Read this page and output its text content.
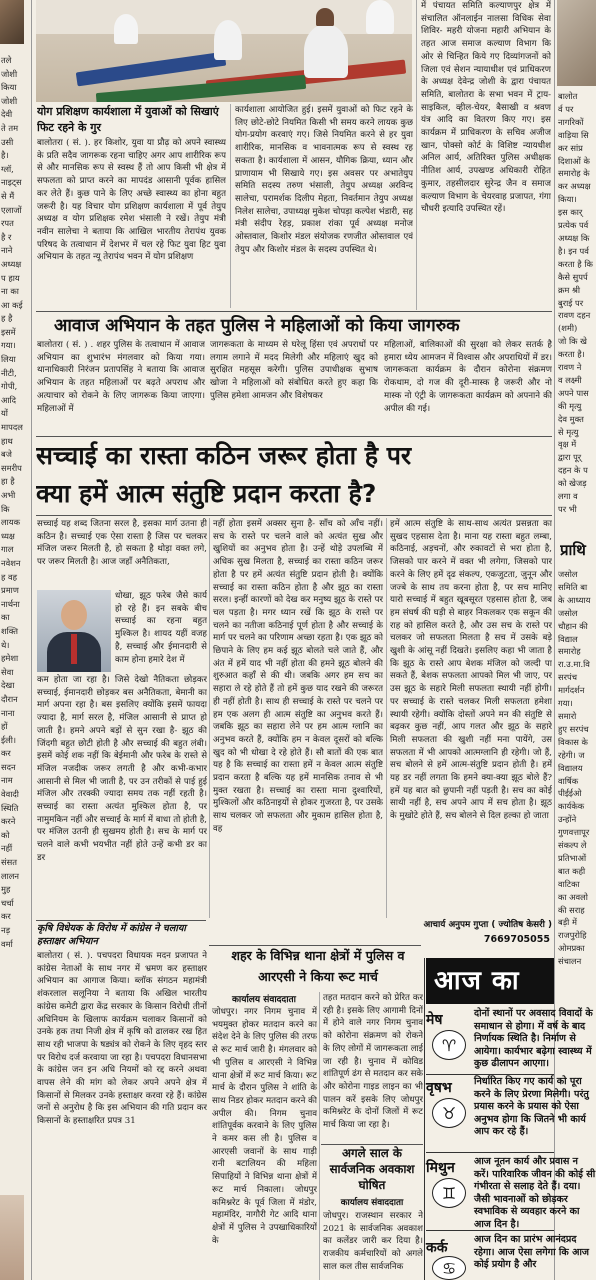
तले
जोशी
किया
जोशी
देवी
ते तम
उसी
है।
ग्लॉ,
नाइट्स
से मैं
एलाजों
रपत
है र
नाने
अध्यक्ष
प हाय
ना का
आ कई
ह है
इसमें
गया।
लिया
नीटी,
गोपी,
आदि
यों
मापदल
हाथ
बजे
समरीप
हा है
अभी
कि
लायक
ध्यक्ष
गाल
नवेशन
ह वह
प्रमाण
नार्थना
का
शक्ति
थे।
हमेशा
सेवा
देखा
दौरान
नाना
हों
ईली।
कर
सदन
नाम
वेवादी
स्थिति
करने
को
नहीं
संसत
लालन
मुह
चर्चा
कर
नड़
वर्मा
योग प्रशिक्षण कार्यशाला में युवाओं को सिखाएं फिट रहने के गुर
बालोतरा ( सं. ). हर किशोर, युवा या प्रौढ़ को अपने स्वास्थ्य के प्रति सदैव जागरूक रहना चाहिए अगर आप शारीरिक रूप से और मानसिक रूप से स्वस्थ हैं तो आप किसी भी क्षेत्र में सफलता को प्राप्त करने का मापदंड आसानी पूर्वक हासिल कर लेते हैं। कुछ पाने के लिए अच्छे स्वास्थ्य का होना बहुत जरूरी है। यह विचार योग प्रशिक्षण कार्यशाला में पूर्व तेयुप अध्यक्ष व योग प्रशिक्षक रमेश भंसाली ने रखें। तेयुप मंत्री नवीन सालेचा ने बताया कि आखिल भारतीय तेरापंथ युवक परिषद के तत्वाधान में देशभर में चल रहे फिट युवा हिट युवा अभियान के तहत न्यू तेरापंथ भवन में योग प्रशिक्षण
कार्यशाला आयोजित हुई। इसमें युवाओं को फिट रहने के लिए छोटे-छोटे नियमित किसी भी समय करने लायक कुछ योग-प्रयोग करवाएं गए। जिसे नियमित करने से हर युवा शारीरिक, मानसिक व भावनात्मक रूप से स्वस्थ रह सकता है। कार्यशाला में आसन, यौगिक क्रिया, ध्यान और प्राणायाम भी सिखाये गए। इस अवसर पर अभातेयुप समिति सदस्य तरुण भंसाली, तेयुप अध्यक्ष अरविन्द सालेचा, परामर्शक दिलीप मेहता, निवर्तमान तेयुप अध्यक्ष निलेश सालेचा, उपाध्यक्ष मुकेश चोपड़ा कल्पेश भंडारी, सह मंत्री संदीप रेहड़, प्रकाश रांका पूर्व अध्यक्ष मनोज ओस्तवाल, किशोर मंडल संयोजक रणजीत ओस्तवाल एवं तेयुप और किशोर मंडल के सदस्य उपस्थित थे।
में पंचायत समिति कल्याणपुर क्षेत्र में संचालित ऑनलाईन नालसा विधिक सेवा शिविर- महरी योजना महारी अभियान के तहत आज समाज कल्याण विभाग कि ओर से चिन्हित किये गए दिव्यांगजनों को जिला एवं सेशन न्यायाधीश एवं प्राधिकरण के अध्यक्ष देवेन्द्र जोशी के द्वारा पंचायत समिति, बालोतरा के सभा भवन में ट्राय-साइकिल, व्हील-चेयर, बैसाखी व श्रवण यंत्र आदि का वितरण किए गए। इस कार्यक्रम में प्राधिकरण के सचिव अजीज खान, पोक्सो कोर्ट के विशिष्ट न्यायधीश अनिल आर्य, अतिरिक्त पुलिस अधीक्षक नीतिश आर्य, उपखण्ड अधिकारी रोहित कुमार, तहसीलदार सुरेन्द्र जैन व समाज कल्याण विभाग के चेयरवाह प्रजापत, गंगा चौधरी इत्यादि उपस्थित रहें।
बालोत
र्व पर
नागरिकों
वाड़िया सि
कर सांप्र
दिशाओं के
समारोह के
कर अध्यक्ष
किया।
इस कार्
प्रत्येक पर्व
अध्यक्ष कि
है। इन पर्व
करता है कि
कैसे सुपर्प
क्रम श्री
बुराई पर
रावण दहन
(शमी)
जो कि खे
करता है।
रावण ने
व लक्ष्मी
अपने पास
की मृत्यु
देव मुक्त
से मृत्यु
वृक्ष में
द्वारा पूर्
दहन के प
को खेजड़
लगा व
पर भी
प्राथि
जसोल
समिति बा
के आध्याय
जसोल
चौहान की
विद्याल
समारोह
रा.उ.मा.वि
सरपंच
मार्गदर्शन
गया।
समारो
हुए सरपंच
विकास के
रहेगी। ज
विद्यालय
वार्षिक
पीईईओ
कार्यकेक
उन्होंने
गुणवत्तापूर
संकल्प ले
प्रतिभाओं
बात कही
वाटिका
का अवलो
की सराह
बड़ी में
राजपुरोहि
ओमप्रका
संचालन
आवाज अभियान के तहत पुलिस ने महिलाओं को किया जागरुक
बालोतरा ( सं. ) . शहर पुलिस के तत्वाधान में आवाज अभियान का शुभारंभ मंगलवार को किया गया। थानाधिकारी निरंजन प्रतापसिंह ने बताया कि आवाज अभियान के तहत महिलाओं पर बढ़ते अपराध और अत्याचार को रोकने के लिए जागरूक किया जाएगा। महिलाओं में
जागरूकता के माध्यम से घरेलू हिंसा एवं अपराधों पर लगाम लगाने में मदद मिलेगी और महिलाएं खुद को सुरक्षित महसूस करेगी। पुलिस उपाधीक्षक सुभाष खोजा ने महिलाओं को संबोधित करते हुए कहा कि पुलिस हमेशा आमजन और विशेषकर
महिलाओं, बालिकाओं की सुरक्षा को लेकर सतर्क है हमारा ध्येय आमजन में विश्वास और अपराधियों में डर। जागरूकता कार्यक्रम के दौरान कोरोना संक्रमण रोकथाम, दो गज की दूरी-मास्क है जरूरी और नो मास्क नो एंट्री के जागरूकता कार्यक्रम को अपनाने की अपील की गई।
सच्चाई का रास्ता कठिन जरूर होता है पर
क्या हमें आत्म संतुष्टि प्रदान करता है?
सच्चाई यह शब्द जितना सरल है, इसका मार्ग उतना ही कठिन है। सच्चाई एक ऐसा रास्ता है जिस पर चलकर मंजिल जरूर मिलती है, हो सकता है थोड़ा वक्त लगे, पर जरूर मिलती है। आज जहाँ अनैतिकता,
धोखा, झूठ फरेब जैसे कार्य हो रहे हैं। इन सबके बीच सच्चाई का रहना बहुत मुश्किल है। शायद यहीं वजह है, सच्चाई और ईमानदारी से काम होना हमारे देश में
कम होता जा रहा है। जिसे देखो नैतिकता छोड़कर सच्चाई, ईमानदारी छोड़कर बस अनैतिकता, बेमानी का मार्ग अपना रहा है। बस इसलिए क्योंकि इसमें फायदा ज्यादा है, मार्ग सरल है, मंजिल आसानी से प्राप्त हो जाती है। हमने अपने बड़ों से सुन रखा है- झूठ की जिंदगी बहुत छोटी होती है और सच्चाई की बहुत लंबी। इसमें कोई शक नहीं कि बेईमानी और फरेब के रास्ते से मंजिल नजदीक जरूर लगती है और कभी-कभार आसानी से मिल भी जाती है, पर उन तरीकों से पाई हुई मंजिल और तरक्की ज्यादा समय तक नहीं रहती है। सच्चाई का रास्ता अत्यंत मुश्किल होता है, पर नामुमकिन नहीं और सच्चाई के मार्ग में बाधा तो होती है, पर मंजिल उतनी ही सुखमय होती है। सच के मार्ग पर चलने वाले कभी भयभीत नहीं होते उन्हें कभी डर का डर
नहीं होता इसमें अक्सर सुना है- साँच को आँच नहीं। सच के रास्ते पर चलने वाले को अत्यंत सुख और खुशियों का अनुभव होता है। उन्हें थोड़े उपलब्धि में अधिक सुख मिलता है, सच्चाई का रास्ता कठिन जरूर होता है पर हमें अत्यंत संतुष्टि प्रदान होती है। क्योंकि सच्चाई का रास्ता कठिन होता है और झूठ का रास्ता सरल। इन्हीं कारणों को देख कर मनुष्य झूठ के रास्ते पर चल पड़ता है। मगर ध्यान रखें कि झूठ के रास्ते पर चलने का नतीजा कठिनाई पूर्ण होता है और सच्चाई के मार्ग पर चलने का परिणाम अच्छा रहता है। एक झूठ को छिपाने के लिए हम कई झूठ बोलते चले जाते हैं, और अंत में हमें याद भी नहीं होता की हमने झूठ बोलने की शुरुआत कहाँ से की थी। जबकि अगर हम सच का सहारा ले रहे होते हैं तो हमें कुछ याद रखने की जरूरत ही नहीं होती है। साथ ही सच्चाई के रास्ते पर चलने पर हम एक अलग ही आत्म संतुष्टि का अनुभव करते हैं। जबकि झूठ का सहारा लेने पर हम आत्म ग्लानि का अनुभव करते हैं, क्योंकि हम न केवल दूसरों को बल्कि खुद को भी धोखा दे रहे होते हैं। सौ बातों की एक बात यह है कि सच्चाई का रास्ता हमें न केवल आत्म संतुष्टि प्रदान करता है बल्कि यह हमें मानसिक तनाव से भी मुक्त रखता है। सच्चाई का रास्ता माना दुश्वारियों, मुश्किलों और कठिनाइयों से होकर गुजरता है, पर उसके साथ चलकर जो सफलता और मुकाम हासिल होता है, वह
हमें आत्म संतुष्टि के साथ-साथ अत्यंत प्रसन्नता का सुखद एहसास देता है। माना यह रास्ता बहुत लम्बा, कठिनाई, अड़चनों, और रुकावटों से भरा होता है, जिसको पार करने में वक्त भी लगेगा, जिसको पार करने के लिए हमें दृढ संकल्प, एकजुटता, जुनून और जज्बे के साथ तय करना होता है, पर सच मानिए यारो सच्चाई में बहुत खूबसूरत एहसास होता है, जब हम संघर्ष की घड़ी से बाहर निकलकर एक सकून की राह को हासिल करते है, और उस सच के रास्ते पर चलकर जो सफलता मिलता है सच में उसके बड़े खुशी के आंसू नहीं दिखते। इसलिए कहा भी जाता है कि झूठ के रास्ते आप बेशक मंजिल को जल्दी पा सकते हैं, बेशक सफलता आपको मिल भी जाए, पर उस झूठ के सहारे मिली सफलता स्थायी नहीं होगी। पर सच्चाई के रास्ते चलकर मिली सफलता हमेशा स्थायी रहेगी। क्योंकि दोस्तों अपने मन की संतुष्टि से बढ़कर कुछ नहीं, आप गलत और झूठ के सहारे मिली सफलता की खुशी नहीं मना पायेंगे, उस सफलता में भी आपको आत्मग्लानि ही रहेगी। जो हैं, सच बोलने से हमें आत्म-संतुष्टि प्रदान होती है। हमें यह डर नहीं लगता कि हमने क्या-क्या झूठ बोले हैं? हमें यह बात को छुपानी नहीं पड़ती है। सच का कोई साथी नहीं है, सच अपने आप में सच होता है। झूठ के मुखोटे होते हैं, सच बोलने से दिल हल्का हो जाता
आचार्य अनुपम गुप्ता ( ज्योतिष केसरी )
7669705055
कृषि विधेयक के विरोध में कांग्रेस ने चलाया हस्ताक्षर अभियान
बालोतरा ( सं. ). पचपदरा विधायक मदन प्रजापत ने कांग्रेस नेताओं के साथ नगर में भ्रमण कर हस्ताक्षर अभियान का आगाज किया। ब्लॉक संगठन महामंत्री शंकरलाल सलूनिया ने बताया कि अखिल भारतीय कांग्रेस कमेटी द्वारा केंद्र सरकार के किसान विरोधी तीनों अधिनियम के खिलाफ कार्यक्रम चलाकर किसानों को उनके हक तथा निजी क्षेत्र में कृषि को ढालकर रख हित साथ रही भाजपा के षड्यंत्र को रोकने के लिए वृहद स्तर पर विरोध दर्ज करवाया जा रहा है। पचपदरा विधानसभा के कांग्रेस जन इन अधि नियमों को रद्द करने अथवा वापस लेने की मांग को लेकर अपने अपने क्षेत्र में किसानों से मिलकर उनके हस्ताक्षर करवा रहे हैं। कांग्रेस जनों से अनुरोध है कि इस अभियान की गति प्रदान कर किसानों के हस्ताक्षरित प्रपत्र 31
शहर के विभिन्न थाना क्षेत्रों में पुलिस व
आरएसी ने किया रूट मार्च
कार्यालय संवाददाता
जोधपुर। नगर निगम चुनाव में भयमुक्त होकर मतदान करने का संदेश देने के लिए पुलिस की तरफ से रूट मार्च जारी है। मंगलवार को भी पुलिस व आरएसी ने विभिन्न थाना क्षेत्रों में रूट मार्च किया। रूट मार्च के दौरान पुलिस ने शांति के साथ निडर होकर मतदान करने की अपील की। निगम चुनाव शांतिपूर्वक करवाने के लिए पुलिस ने कमर कस ली है। पुलिस व आरएसी जवानों के साथ गाड़ी रानी बटालियन की महिला सिपाहियों ने विभिन्न थाना क्षेत्रों में रूट मार्च निकाला। जोधपुर कमिश्नरेट के पूर्व जिला में मंडोर, महामंदिर, नागौरी गेट आदि थाना क्षेत्रों में पुलिस ने उपखाधिकारियों के
तहत मतदान करने को प्रेरित कर रही है। इसके लिए आगामी दिनों में होने वाले नगर निगम चुनाव को कोरोना संक्रमण को रोकने के लिए लोगों में जागरूकता लाई जा रही है। चुनाव में कोविड शांतिपूर्ण ढंग से मतदान कर सके और कोरोना गाइड लाइन का भी पालन करें इसके लिए जोधपुर कमिश्नरेट के दोनों जिलों में रूट मार्च किया जा रहा है।
अगले साल के
सार्वजनिक अवकाश
घोषित
कार्यालय संवाददाता
जोधपुर। राजस्थान सरकार ने 2021 के सार्वजनिक अवकाश का कलेंडर जारी कर दिया है। राजकीय कर्मचारियों को अगले साल कल तीस सार्वजनिक
आज का
मेष
♈
दोनों स्थानों पर अवसाद विवादों के समाधान से होगा। में वर्ष के बाद निर्णायक स्थिति है। निर्माण से आयेगा। कार्यभार बढ़ेगा स्वास्थ्य में कुछ ढीलापन आएगा।
वृषभ
♉
निर्धारित किए गए कार्य को पूरा करने के लिए प्रेरणा मिलेगी। परंतु प्रयास करने के प्रयास को ऐसा अनुभव होगा कि जितने भी कार्य आप कर रहे हैं।
मिथुन
♊
आज नूतन कार्य और प्रवास न करें। पारिवारिक जीवन की कोई सी गंभीरता से सलाह देते हैं। दया। जैसी भावनाओं को छोड़कर स्वभाविक से व्यवहार करने का आज दिन है।
कर्क
♋
आज दिन का प्रारंभ आनंदप्रद रहेगा। आज ऐसा लगेगा कि आज कोई प्रयोग है और
